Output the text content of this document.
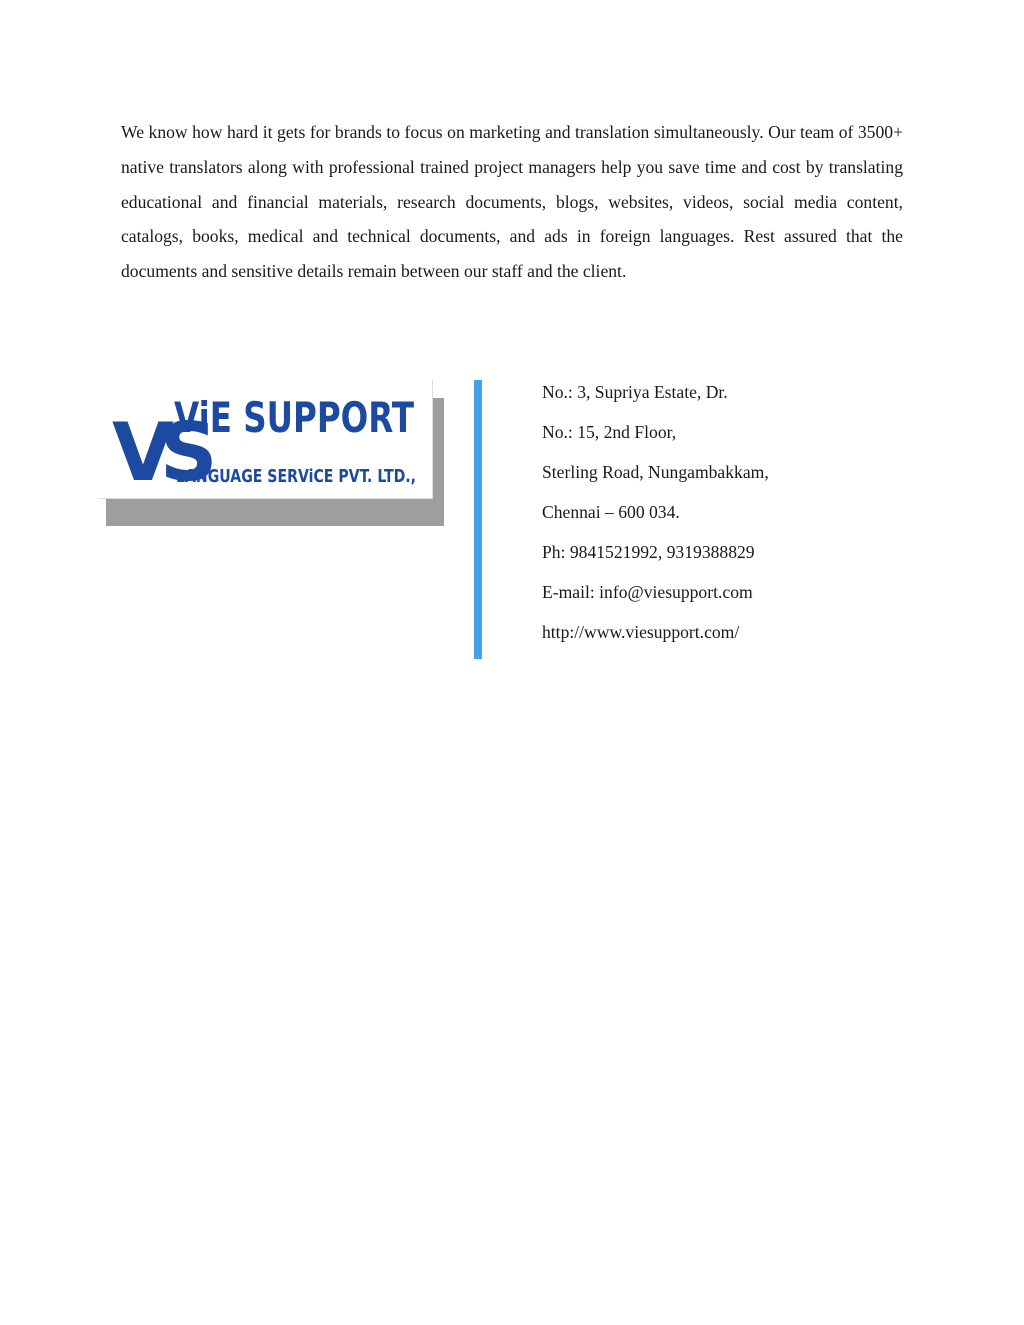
We know how hard it gets for brands to focus on marketing and translation simultaneously. Our team of 3500+ native translators along with professional trained project managers help you save time and cost by translating educational and financial materials, research documents, blogs, websites, videos, social media content, catalogs, books, medical and technical documents, and ads in foreign languages. Rest assured that the documents and sensitive details remain between our staff and the client.

VS
ViE SUPPORT
LANGUAGE SERViCE PVT. LTD.,
No.: 3, Supriya Estate, Dr.
No.: 15, 2nd Floor,
Sterling Road, Nungambakkam,
Chennai – 600 034.
Ph: 9841521992, 9319388829
E-mail: info@viesupport.com
http://www.viesupport.com/
